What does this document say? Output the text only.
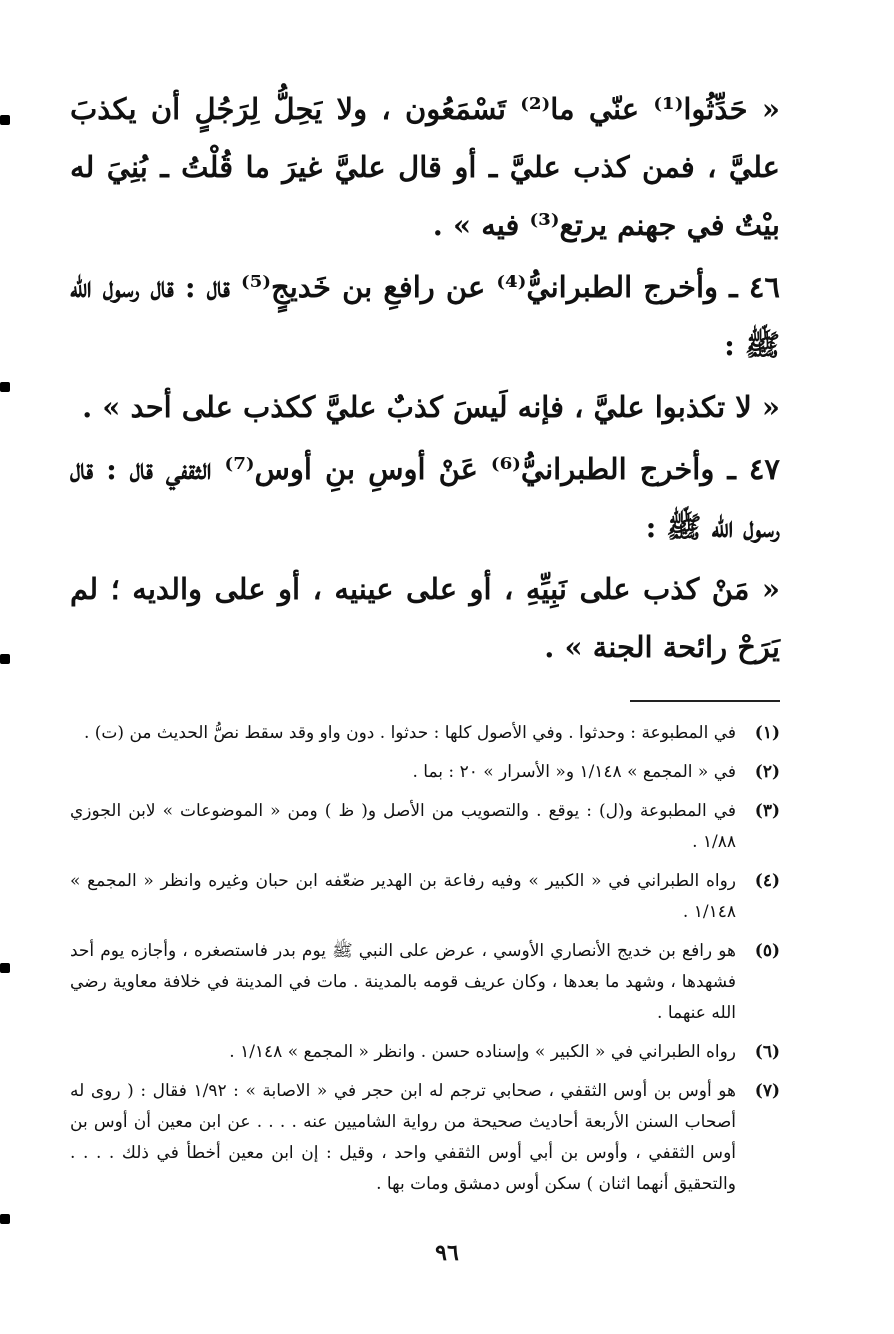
« حَدِّثُوا⁽¹⁾ عنّي ما⁽²⁾ تَسْمَعُون ، ولا يَحِلُّ لِرَجُلٍ أن يكذبَ عليَّ ، فمن كذب عليَّ ـ أو قال عليَّ غيرَ ما قُلْتُ ـ بُنِيَ له بيْتٌ في جهنم يرتع⁽³⁾ فيه » .

٤٦ ـ وأخرج الطبرانيُّ⁽⁴⁾ عن رافعِ بن خَديجٍ⁽⁵⁾ قال : قال رسول الله ﷺ :

« لا تكذبوا عليَّ ، فإنه لَيسَ كذبٌ عليَّ ككذب على أحد » .

٤٧ ـ وأخرج الطبرانيُّ⁽⁶⁾ عَنْ أوسِ بنِ أوس⁽⁷⁾ الثقفي قال : قال رسول الله ﷺ :

« مَنْ كذب على نَبِيِّهِ ، أو على عينيه ، أو على والديه ؛ لم يَرَحْ رائحة الجنة » .

(١)
في المطبوعة : وحدثوا . وفي الأصول كلها : حدثوا . دون واو وقد سقط نصُّ الحديث من (ت) .
(٢)
في « المجمع » ١/١٤٨ و« الأسرار » ٢٠ : بما .
(٣)
في المطبوعة و(ل) : يوقع . والتصويب من الأصل و( ظ ) ومن « الموضوعات » لابن الجوزي ١/٨٨ .
(٤)
رواه الطبراني في « الكبير » وفيه رفاعة بن الهدير ضعّفه ابن حبان وغيره وانظر « المجمع » ١/١٤٨ .
(٥)
هو رافع بن خديج الأنصاري الأوسي ، عرض على النبي ﷺ يوم بدر فاستصغره ، وأجازه يوم أحد فشهدها ، وشهد ما بعدها ، وكان عريف قومه بالمدينة . مات في المدينة في خلافة معاوية رضي الله عنهما .
(٦)
رواه الطبراني في « الكبير » وإسناده حسن . وانظر « المجمع » ١/١٤٨ .
(٧)
هو أوس بن أوس الثقفي ، صحابي ترجم له ابن حجر في « الاصابة » : ١/٩٢ فقال : ( روى له أصحاب السنن الأربعة أحاديث صحيحة من رواية الشاميين عنه . . . . عن ابن معين أن أوس بن أوس الثقفي ، وأوس بن أبي أوس الثقفي واحد ، وقيل : إن ابن معين أخطأ في ذلك . . . . والتحقيق أنهما اثنان ) سكن أوس دمشق ومات بها .
٩٦
